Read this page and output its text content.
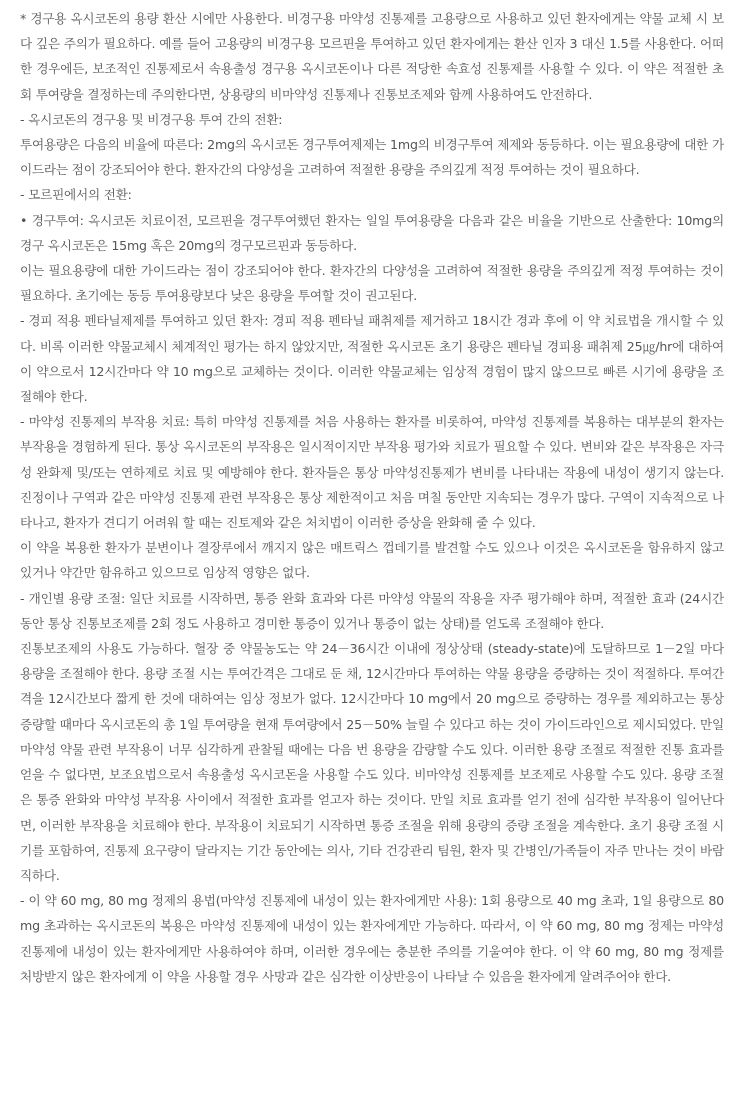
* 경구용 옥시코돈의 용량 환산 시에만 사용한다. 비경구용 마약성 진통제를 고용량으로 사용하고 있던 환자에게는 약물 교체 시 보다 깊은 주의가 필요하다. 예를 들어 고용량의 비경구용 모르핀을 투여하고 있던 환자에게는 환산 인자 3 대신 1.5를 사용한다. 어떠한 경우에든, 보조적인 진통제로서 속용출성 경구용 옥시코돈이나 다른 적당한 속효성 진통제를 사용할 수 있다. 이 약은 적절한 초회 투여량을 결정하는데 주의한다면, 상용량의 비마약성 진통제나 진통보조제와 함께 사용하여도 안전하다.

- 옥시코돈의 경구용 및 비경구용 투여 간의 전환:

투여용량은 다음의 비율에 따른다: 2mg의 옥시코돈 경구투여제제는 1mg의 비경구투여 제제와 동등하다. 이는 필요용량에 대한 가이드라는 점이 강조되어야 한다. 환자간의 다양성을 고려하여 적절한 용량을 주의깊게 적정 투여하는 것이 필요하다.

- 모르핀에서의 전환:

• 경구투여: 옥시코돈 치료이전, 모르핀을 경구투여했던 환자는 일일 투여용량을 다음과 같은 비율을 기반으로 산출한다: 10mg의 경구 옥시코돈은 15mg 혹은 20mg의 경구모르핀과 동등하다.

이는 필요용량에 대한 가이드라는 점이 강조되어야 한다. 환자간의 다양성을 고려하여 적절한 용량을 주의깊게 적정 투여하는 것이 필요하다. 초기에는 동등 투여용량보다 낮은 용량을 투여할 것이 권고된다.

- 경피 적용 펜타닐제제를 투여하고 있던 환자: 경피 적용 펜타닐 패취제를 제거하고 18시간 경과 후에 이 약 치료법을 개시할 수 있다. 비록 이러한 약물교체시 체계적인 평가는 하지 않았지만, 적절한 옥시코돈 초기 용량은 펜타닐 경피용 패취제 25㎍/hr에 대하여 이 약으로서 12시간마다 약 10 mg으로 교체하는 것이다. 이러한 약물교체는 임상적 경험이 많지 않으므로 빠른 시기에 용량을 조절해야 한다.

- 마약성 진통제의 부작용 치료: 특히 마약성 진통제를 처음 사용하는 환자를 비롯하여, 마약성 진통제를 복용하는 대부분의 환자는 부작용을 경험하게 된다. 통상 옥시코돈의 부작용은 일시적이지만 부작용 평가와 치료가 필요할 수 있다. 변비와 같은 부작용은 자극성 완화제 및/또는 연하제로 치료 및 예방해야 한다. 환자들은 통상 마약성진통제가 변비를 나타내는 작용에 내성이 생기지 않는다. 진정이나 구역과 같은 마약성 진통제 관련 부작용은 통상 제한적이고 처음 며칠 동안만 지속되는 경우가 많다. 구역이 지속적으로 나타나고, 환자가 견디기 어려워 할 때는 진토제와 같은 처치법이 이러한 증상을 완화해 줄 수 있다.

이 약을 복용한 환자가 분변이나 결장루에서 깨지지 않은 매트릭스 껍데기를 발견할 수도 있으나 이것은 옥시코돈을 함유하지 않고 있거나 약간만 함유하고 있으므로 임상적 영향은 없다.

- 개인별 용량 조절: 일단 치료를 시작하면, 통증 완화 효과와 다른 마약성 약물의 작용을 자주 평가해야 하며, 적절한 효과 (24시간 동안 통상 진통보조제를 2회 정도 사용하고 경미한 통증이 있거나 통증이 없는 상태)를 얻도록 조절해야 한다.

진통보조제의 사용도 가능하다. 혈장 중 약물농도는 약 24－36시간 이내에 정상상태 (steady-state)에 도달하므로 1－2일 마다 용량을 조절해야 한다. 용량 조절 시는 투여간격은 그대로 둔 채, 12시간마다 투여하는 약물 용량을 증량하는 것이 적절하다. 투여간격을 12시간보다 짧게 한 것에 대하여는 임상 정보가 없다. 12시간마다 10 mg에서 20 mg으로 증량하는 경우를 제외하고는 통상 증량할 때마다 옥시코돈의 총 1일 투여량을 현재 투여량에서 25－50% 늘릴 수 있다고 하는 것이 가이드라인으로 제시되었다. 만일 마약성 약물 관련 부작용이 너무 심각하게 관찰될 때에는 다음 번 용량을 감량할 수도 있다. 이러한 용량 조절로 적절한 진통 효과를 얻을 수 없다면, 보조요법으로서 속용출성 옥시코돈을 사용할 수도 있다. 비마약성 진통제를 보조제로 사용할 수도 있다. 용량 조절은 통증 완화와 마약성 부작용 사이에서 적절한 효과를 얻고자 하는 것이다. 만일 치료 효과를 얻기 전에 심각한 부작용이 일어난다면, 이러한 부작용을 치료해야 한다. 부작용이 치료되기 시작하면 통증 조절을 위해 용량의 증량 조절을 계속한다. 초기 용량 조절 시기를 포함하여, 진통제 요구량이 달라지는 기간 동안에는 의사, 기타 건강관리 팀원, 환자 및 간병인/가족들이 자주 만나는 것이 바람직하다.

- 이 약 60 mg, 80 mg 정제의 용법(마약성 진통제에 내성이 있는 환자에게만 사용): 1회 용량으로 40 mg 초과, 1일 용량으로 80 mg 초과하는 옥시코돈의 복용은 마약성 진통제에 내성이 있는 환자에게만 가능하다. 따라서, 이 약 60 mg, 80 mg 정제는 마약성 진통제에 내성이 있는 환자에게만 사용하여야 하며, 이러한 경우에는 충분한 주의를 기울여야 한다. 이 약 60 mg, 80 mg 정제를 처방받지 않은 환자에게 이 약을 사용할 경우 사망과 같은 심각한 이상반응이 나타날 수 있음을 환자에게 알려주어야 한다.
